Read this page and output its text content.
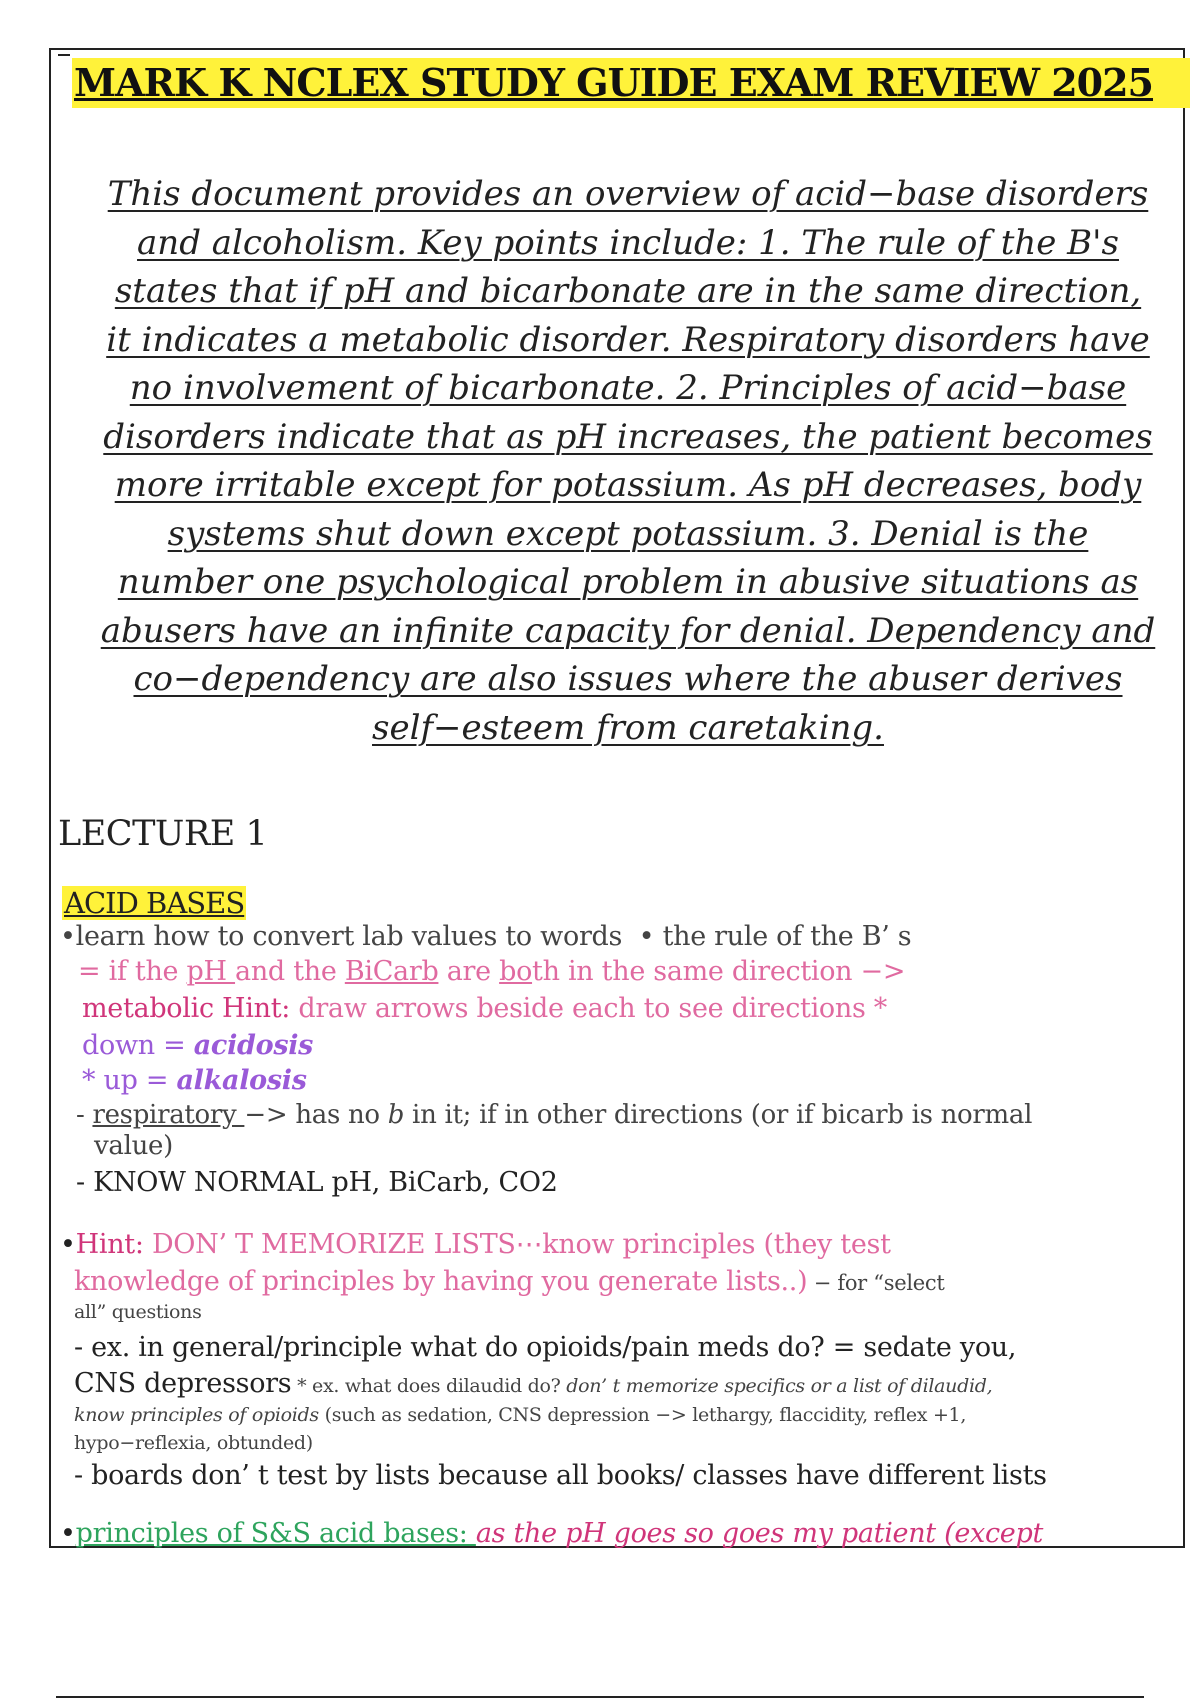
MARK K NCLEX STUDY GUIDE EXAM REVIEW 2025
This document provides an overview of acid−base disorders
and alcoholism. Key points include: 1. The rule of the B's
states that if pH and bicarbonate are in the same direction,
it indicates a metabolic disorder. Respiratory disorders have
no involvement of bicarbonate. 2. Principles of acid−base
disorders indicate that as pH increases, the patient becomes
more irritable except for potassium. As pH decreases, body
systems shut down except potassium. 3. Denial is the
number one psychological problem in abusive situations as
abusers have an infinite capacity for denial. Dependency and
co−dependency are also issues where the abuser derives
self−esteem from caretaking.
LECTURE 1
ACID BASES
•learn how to convert lab values to words • the rule of the B’ s
= if the pH and the BiCarb are both in the same direction −>
metabolic Hint: draw arrows beside each to see directions *
down = acidosis
* up = alkalosis
- respiratory −> has no b in it; if in other directions (or if bicarb is normal
value)
- KNOW NORMAL pH, BiCarb, CO2
•Hint: DON’ T MEMORIZE LISTS⋯know principles (they test
knowledge of principles by having you generate lists..) − for “select
all” questions
- ex. in general/principle what do opioids/pain meds do? = sedate you,
CNS depressors * ex. what does dilaudid do? don’ t memorize specifics or a list of dilaudid,
know principles of opioids (such as sedation, CNS depression −> lethargy, flaccidity, reflex +1,
hypo−reflexia, obtunded)
- boards don’ t test by lists because all books/ classes have different lists
•principles of S&S acid bases: as the pH goes so goes my patient (except
